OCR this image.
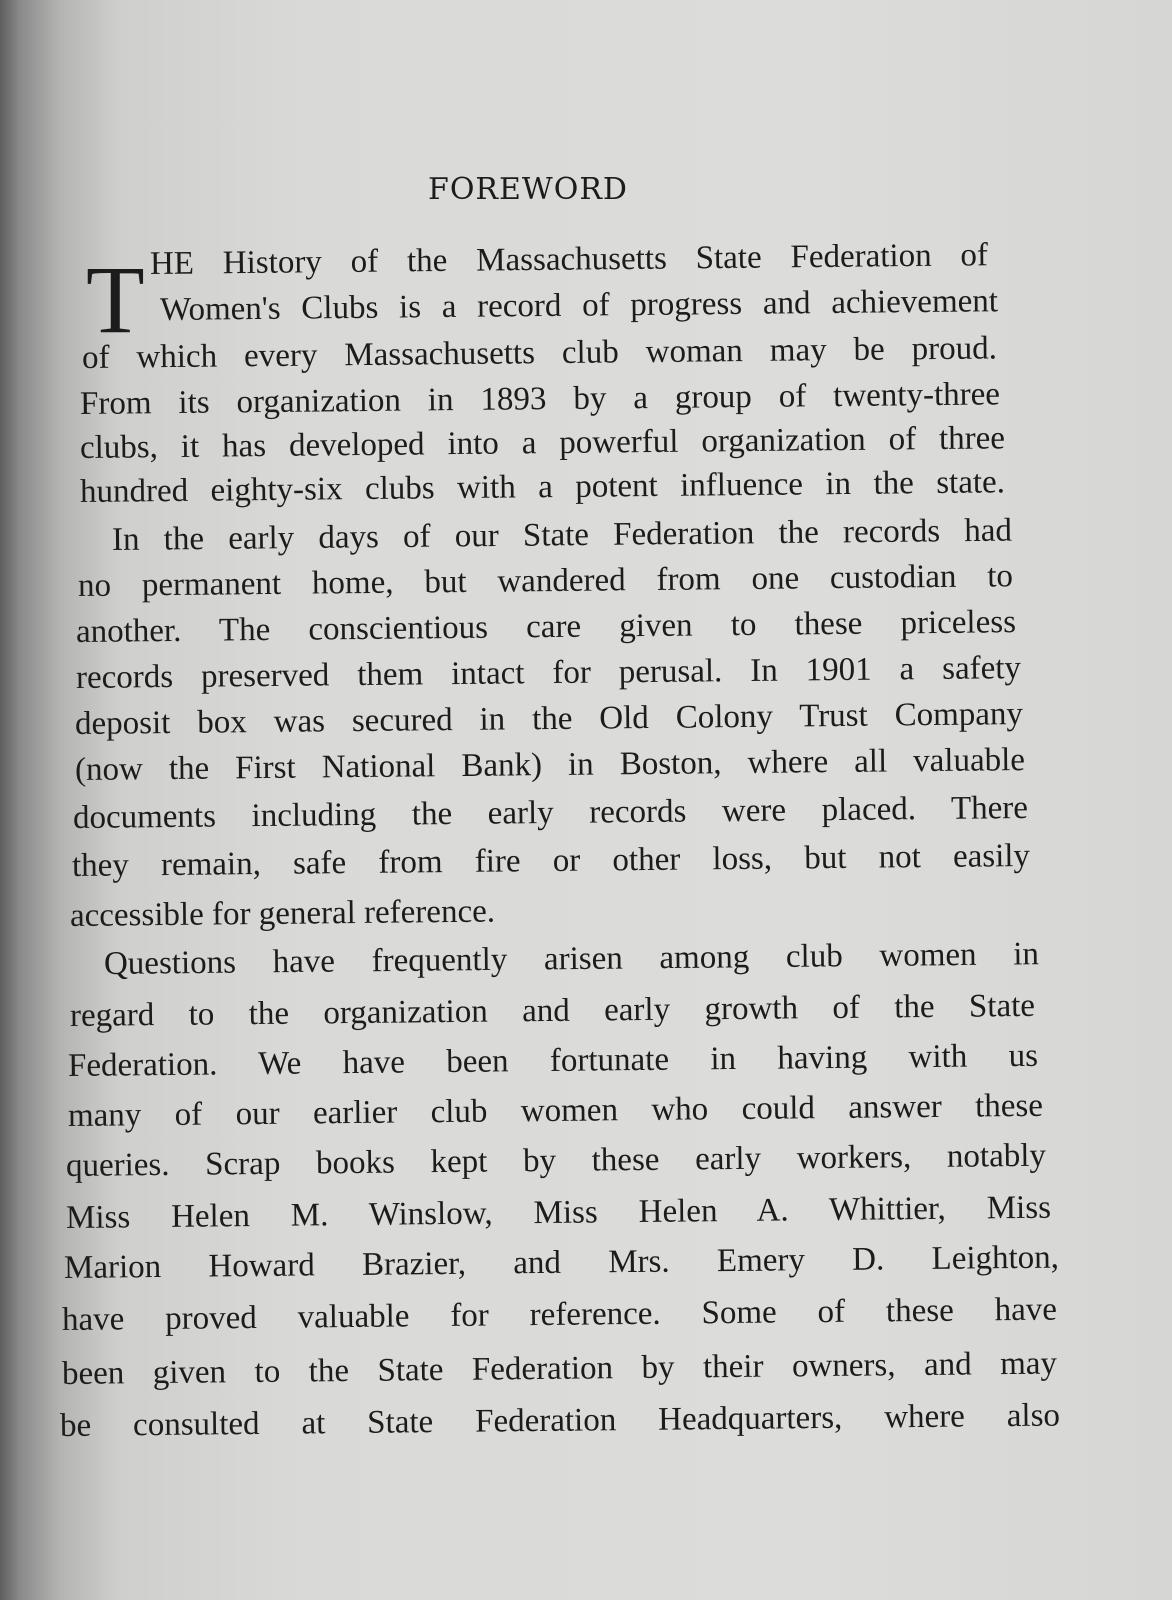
FOREWORD
T HE History of the Massachusetts State Federation of
Women's Clubs is a record of progress and achievement
of which every Massachusetts club woman may be proud.
From its organization in 1893 by a group of twenty-three
clubs, it has developed into a powerful organization of three
hundred eighty-six clubs with a potent influence in the state.
In the early days of our State Federation the records had
no permanent home, but wandered from one custodian to
another. The conscientious care given to these priceless
records preserved them intact for perusal. In 1901 a safety
deposit box was secured in the Old Colony Trust Company
(now the First National Bank) in Boston, where all valuable
documents including the early records were placed. There
they remain, safe from fire or other loss, but not easily
accessible for general reference.
Questions have frequently arisen among club women in
regard to the organization and early growth of the State
Federation. We have been fortunate in having with us
many of our earlier club women who could answer these
queries. Scrap books kept by these early workers, notably
Miss Helen M. Winslow, Miss Helen A. Whittier, Miss
Marion Howard Brazier, and Mrs. Emery D. Leighton,
have proved valuable for reference. Some of these have
been given to the State Federation by their owners, and may
be consulted at State Federation Headquarters, where also
